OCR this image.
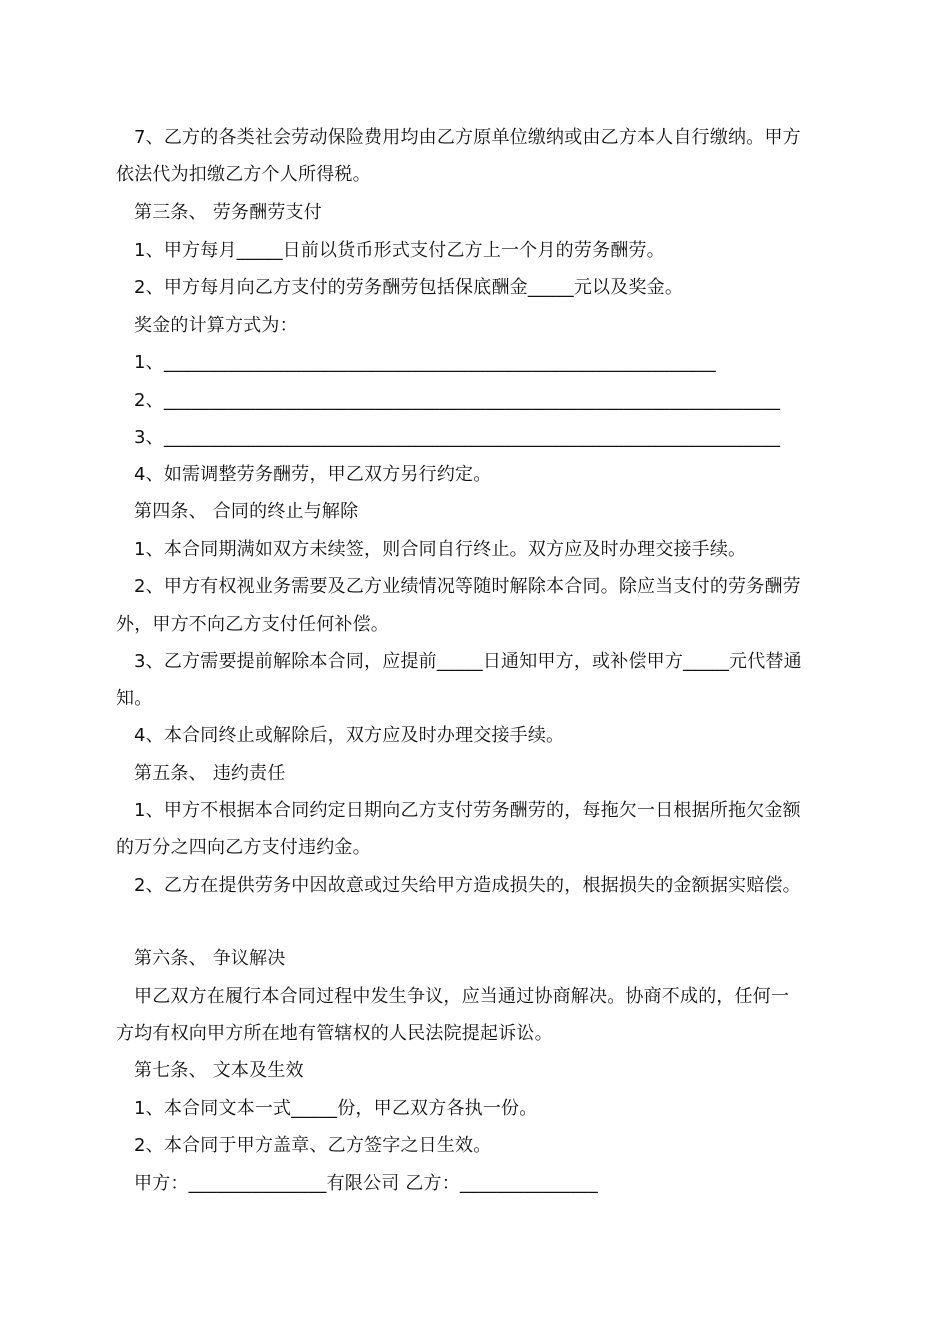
7、乙方的各类社会劳动保险费用均由乙方原单位缴纳或由乙方本人自行缴纳。甲方
依法代为扣缴乙方个人所得税。
第三条、 劳务酬劳支付
1、甲方每月_____日前以货币形式支付乙方上一个月的劳务酬劳。
2、甲方每月向乙方支付的劳务酬劳包括保底酬金_____元以及奖金。
奖金的计算方式为：
1、____________________________________________________________
2、___________________________________________________________________
3、___________________________________________________________________
4、如需调整劳务酬劳，甲乙双方另行约定。
第四条、 合同的终止与解除
1、本合同期满如双方未续签，则合同自行终止。双方应及时办理交接手续。
2、甲方有权视业务需要及乙方业绩情况等随时解除本合同。除应当支付的劳务酬劳
外，甲方不向乙方支付任何补偿。
3、乙方需要提前解除本合同，应提前_____日通知甲方，或补偿甲方_____元代替通
知。
4、本合同终止或解除后，双方应及时办理交接手续。
第五条、 违约责任
1、甲方不根据本合同约定日期向乙方支付劳务酬劳的，每拖欠一日根据所拖欠金额
的万分之四向乙方支付违约金。
2、乙方在提供劳务中因故意或过失给甲方造成损失的，根据损失的金额据实赔偿。
第六条、 争议解决
甲乙双方在履行本合同过程中发生争议，应当通过协商解决。协商不成的，任何一
方均有权向甲方所在地有管辖权的人民法院提起诉讼。
第七条、 文本及生效
1、本合同文本一式_____份，甲乙双方各执一份。
2、本合同于甲方盖章、乙方签字之日生效。
甲方：_______________有限公司 乙方：_______________
